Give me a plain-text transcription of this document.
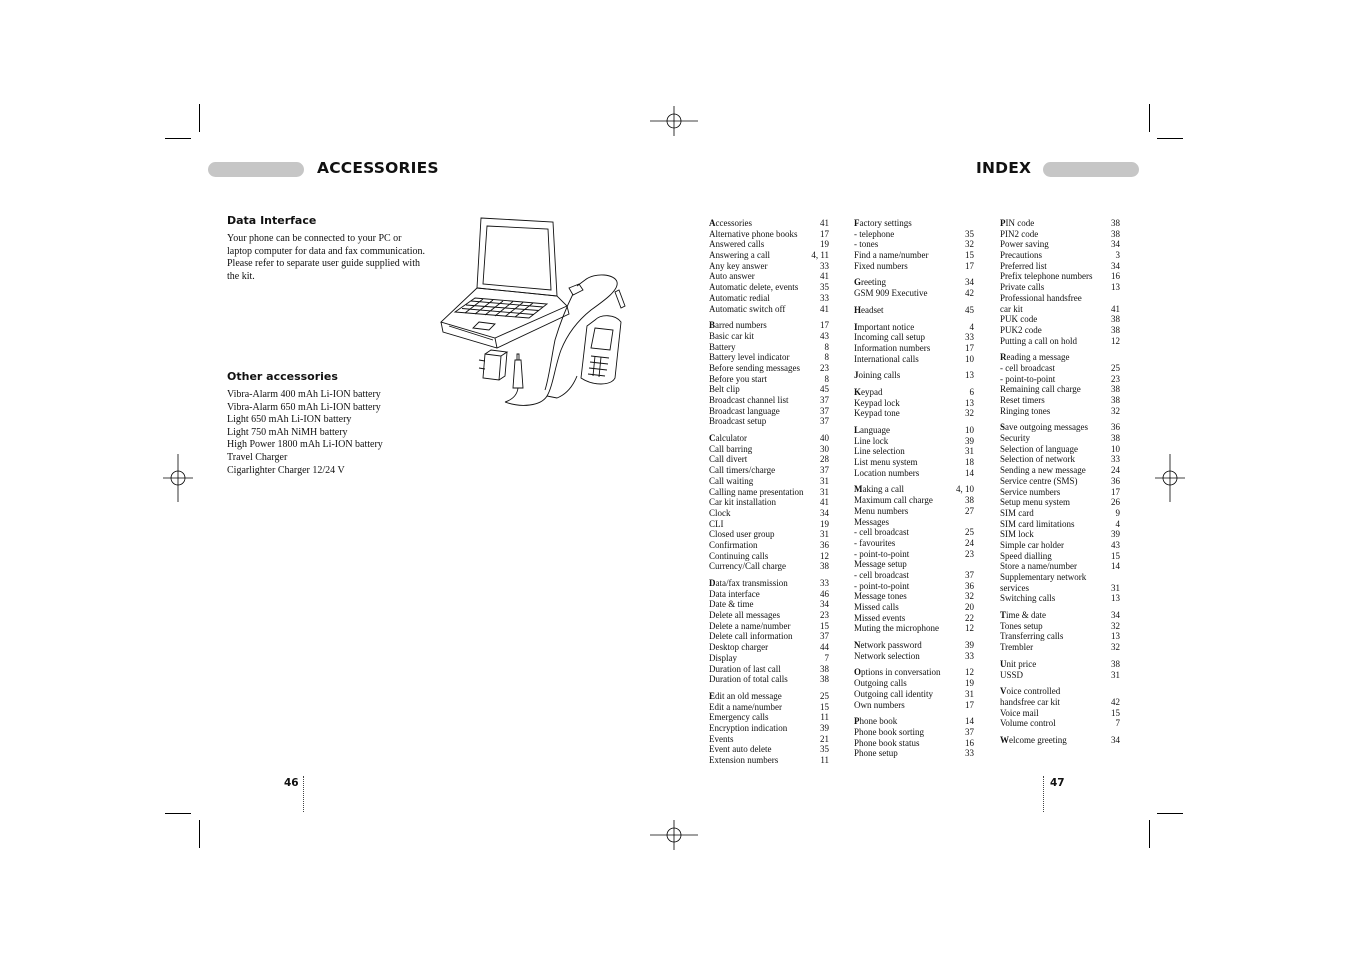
ACCESSORIES
Data Interface
Your phone can be connected to your PC or
laptop computer for data and fax communication.
Please refer to separate user guide supplied with
the kit.
Other accessories
Vibra-Alarm 400 mAh Li-ION battery
Vibra-Alarm 650 mAh Li-ION battery
Light 650 mAh Li-ION battery
Light 750 mAh NiMH battery
High Power 1800 mAh Li-ION battery
Travel Charger
Cigarlighter Charger 12/24 V
46
INDEX
Accessories	41
Alternative phone books	17
Answered calls	19
Answering a call	4, 11
Any key answer	33
Auto answer	41
Automatic delete, events 35
Automatic redial	33
Automatic switch off	41
Barred numbers	17
Basic car kit	43
Battery	8
Battery level indicator	8
Before sending messages 23
Before you start	8
Belt clip	45
Broadcast channel list	37
Broadcast language	37
Broadcast setup	37
Calculator	40
Call barring	30
Call divert	28
Call timers/charge	37
Call waiting	31
Calling name presentation 31
Car kit installation	41
Clock	34
CLI	19
Closed user group	31
Confirmation	36
Continuing calls	12
Currency/Call charge	38
Data/fax transmission	33
Data interface	46
Date & time	34
Delete all messages	23
Delete a name/number	15
Delete call information	37
Desktop charger	44
Display	7
Duration of last call	38
Duration of total calls	38
Edit an old message	25
Edit a name/number	15
Emergency calls	11
Encryption indication	39
Events	21
Event auto delete	35
Extension numbers	11
Factory settings
- telephone	35
- tones	32
Find a name/number	15
Fixed numbers	17
Greeting	34
GSM 909 Executive	42
Headset	45
Important notice	4
Incoming call setup	33
Information numbers	17
International calls	10
Joining calls	13
Keypad	6
Keypad lock	13
Keypad tone	32
Language	10
Line lock	39
Line selection	31
List menu system	18
Location numbers	14
Making a call	4, 10
Maximum call charge	38
Menu numbers	27
Messages
- cell broadcast	25
- favourites	24
- point-to-point	23
Message setup
- cell broadcast	37
- point-to-point	36
Message tones	32
Missed calls	20
Missed events	22
Muting the microphone	12
Network password	39
Network selection	33
Options in conversation	12
Outgoing calls	19
Outgoing call identity	31
Own numbers	17
Phone book	14
Phone book sorting	37
Phone book status	16
Phone setup	33
PIN code	38
PIN2 code	38
Power saving	34
Precautions	3
Preferred list	34
Prefix telephone numbers 16
Private calls	13
Professional handsfree
car kit	41
PUK code	38
PUK2 code	38
Putting a call on hold	12
Reading a message
- cell broadcast	25
- point-to-point	23
Remaining call charge	38
Reset timers	38
Ringing tones	32
Save outgoing messages	36
Security	38
Selection of language	10
Selection of network	33
Sending a new message	24
Service centre (SMS)	36
Service numbers	17
Setup menu system	26
SIM card	9
SIM card limitations	4
SIM lock	39
Simple car holder	43
Speed dialling	15
Store a name/number	14
Supplementary network
services	31
Switching calls	13
Time & date	34
Tones setup	32
Transferring calls	13
Trembler	32
Unit price	38
USSD	31
Voice controlled
handsfree car kit	42
Voice mail	15
Volume control	7
Welcome greeting	34
47
